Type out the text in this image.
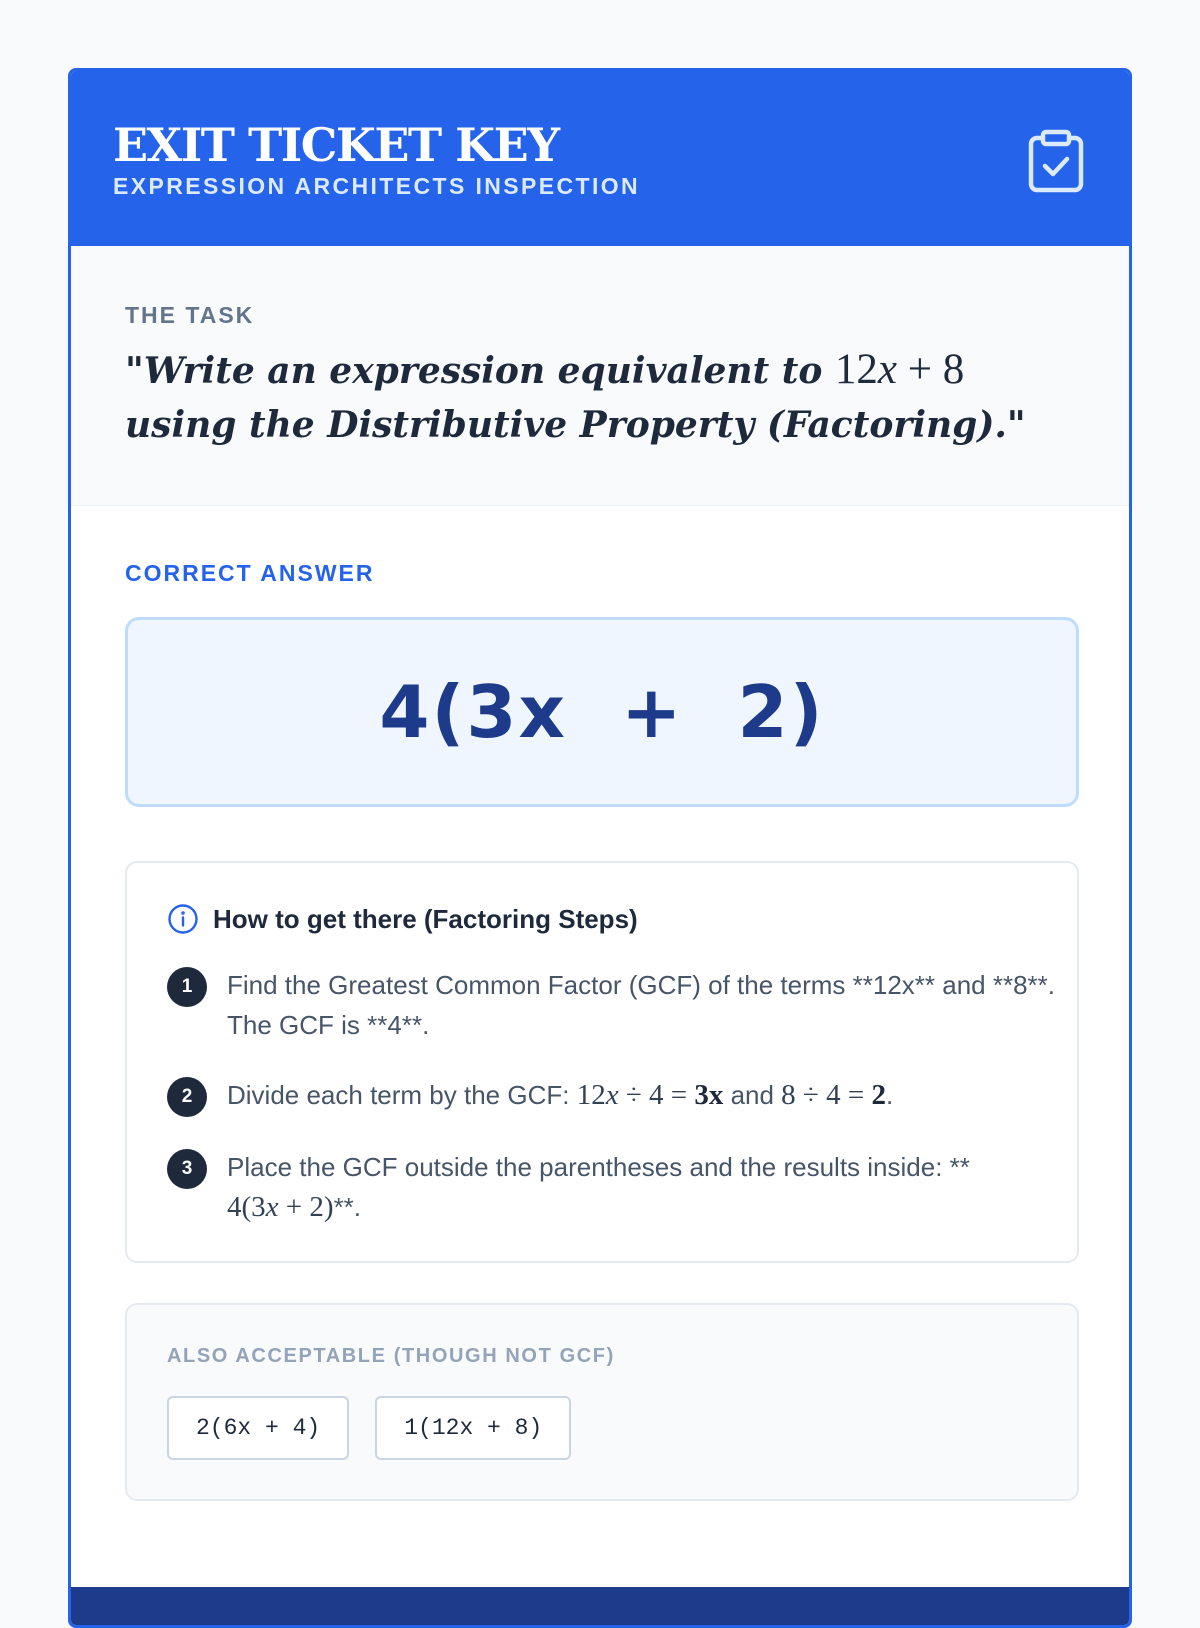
EXIT TICKET KEY
EXPRESSION ARCHITECTS INSPECTION
THE TASK
"Write an expression equivalent to 12x + 8 using the Distributive Property (Factoring)."
CORRECT ANSWER
4(3x  +  2)
How to get there (Factoring Steps)
1	Find the Greatest Common Factor (GCF) of the terms **12x** and **8**. The GCF is **4**.
2	Divide each term by the GCF: 12x ÷ 4 = 3x and 8 ÷ 4 = 2.
3	Place the GCF outside the parentheses and the results inside: **
4(3x + 2)**.
ALSO ACCEPTABLE (THOUGH NOT GCF)
2(6x + 4)	1(12x + 8)
